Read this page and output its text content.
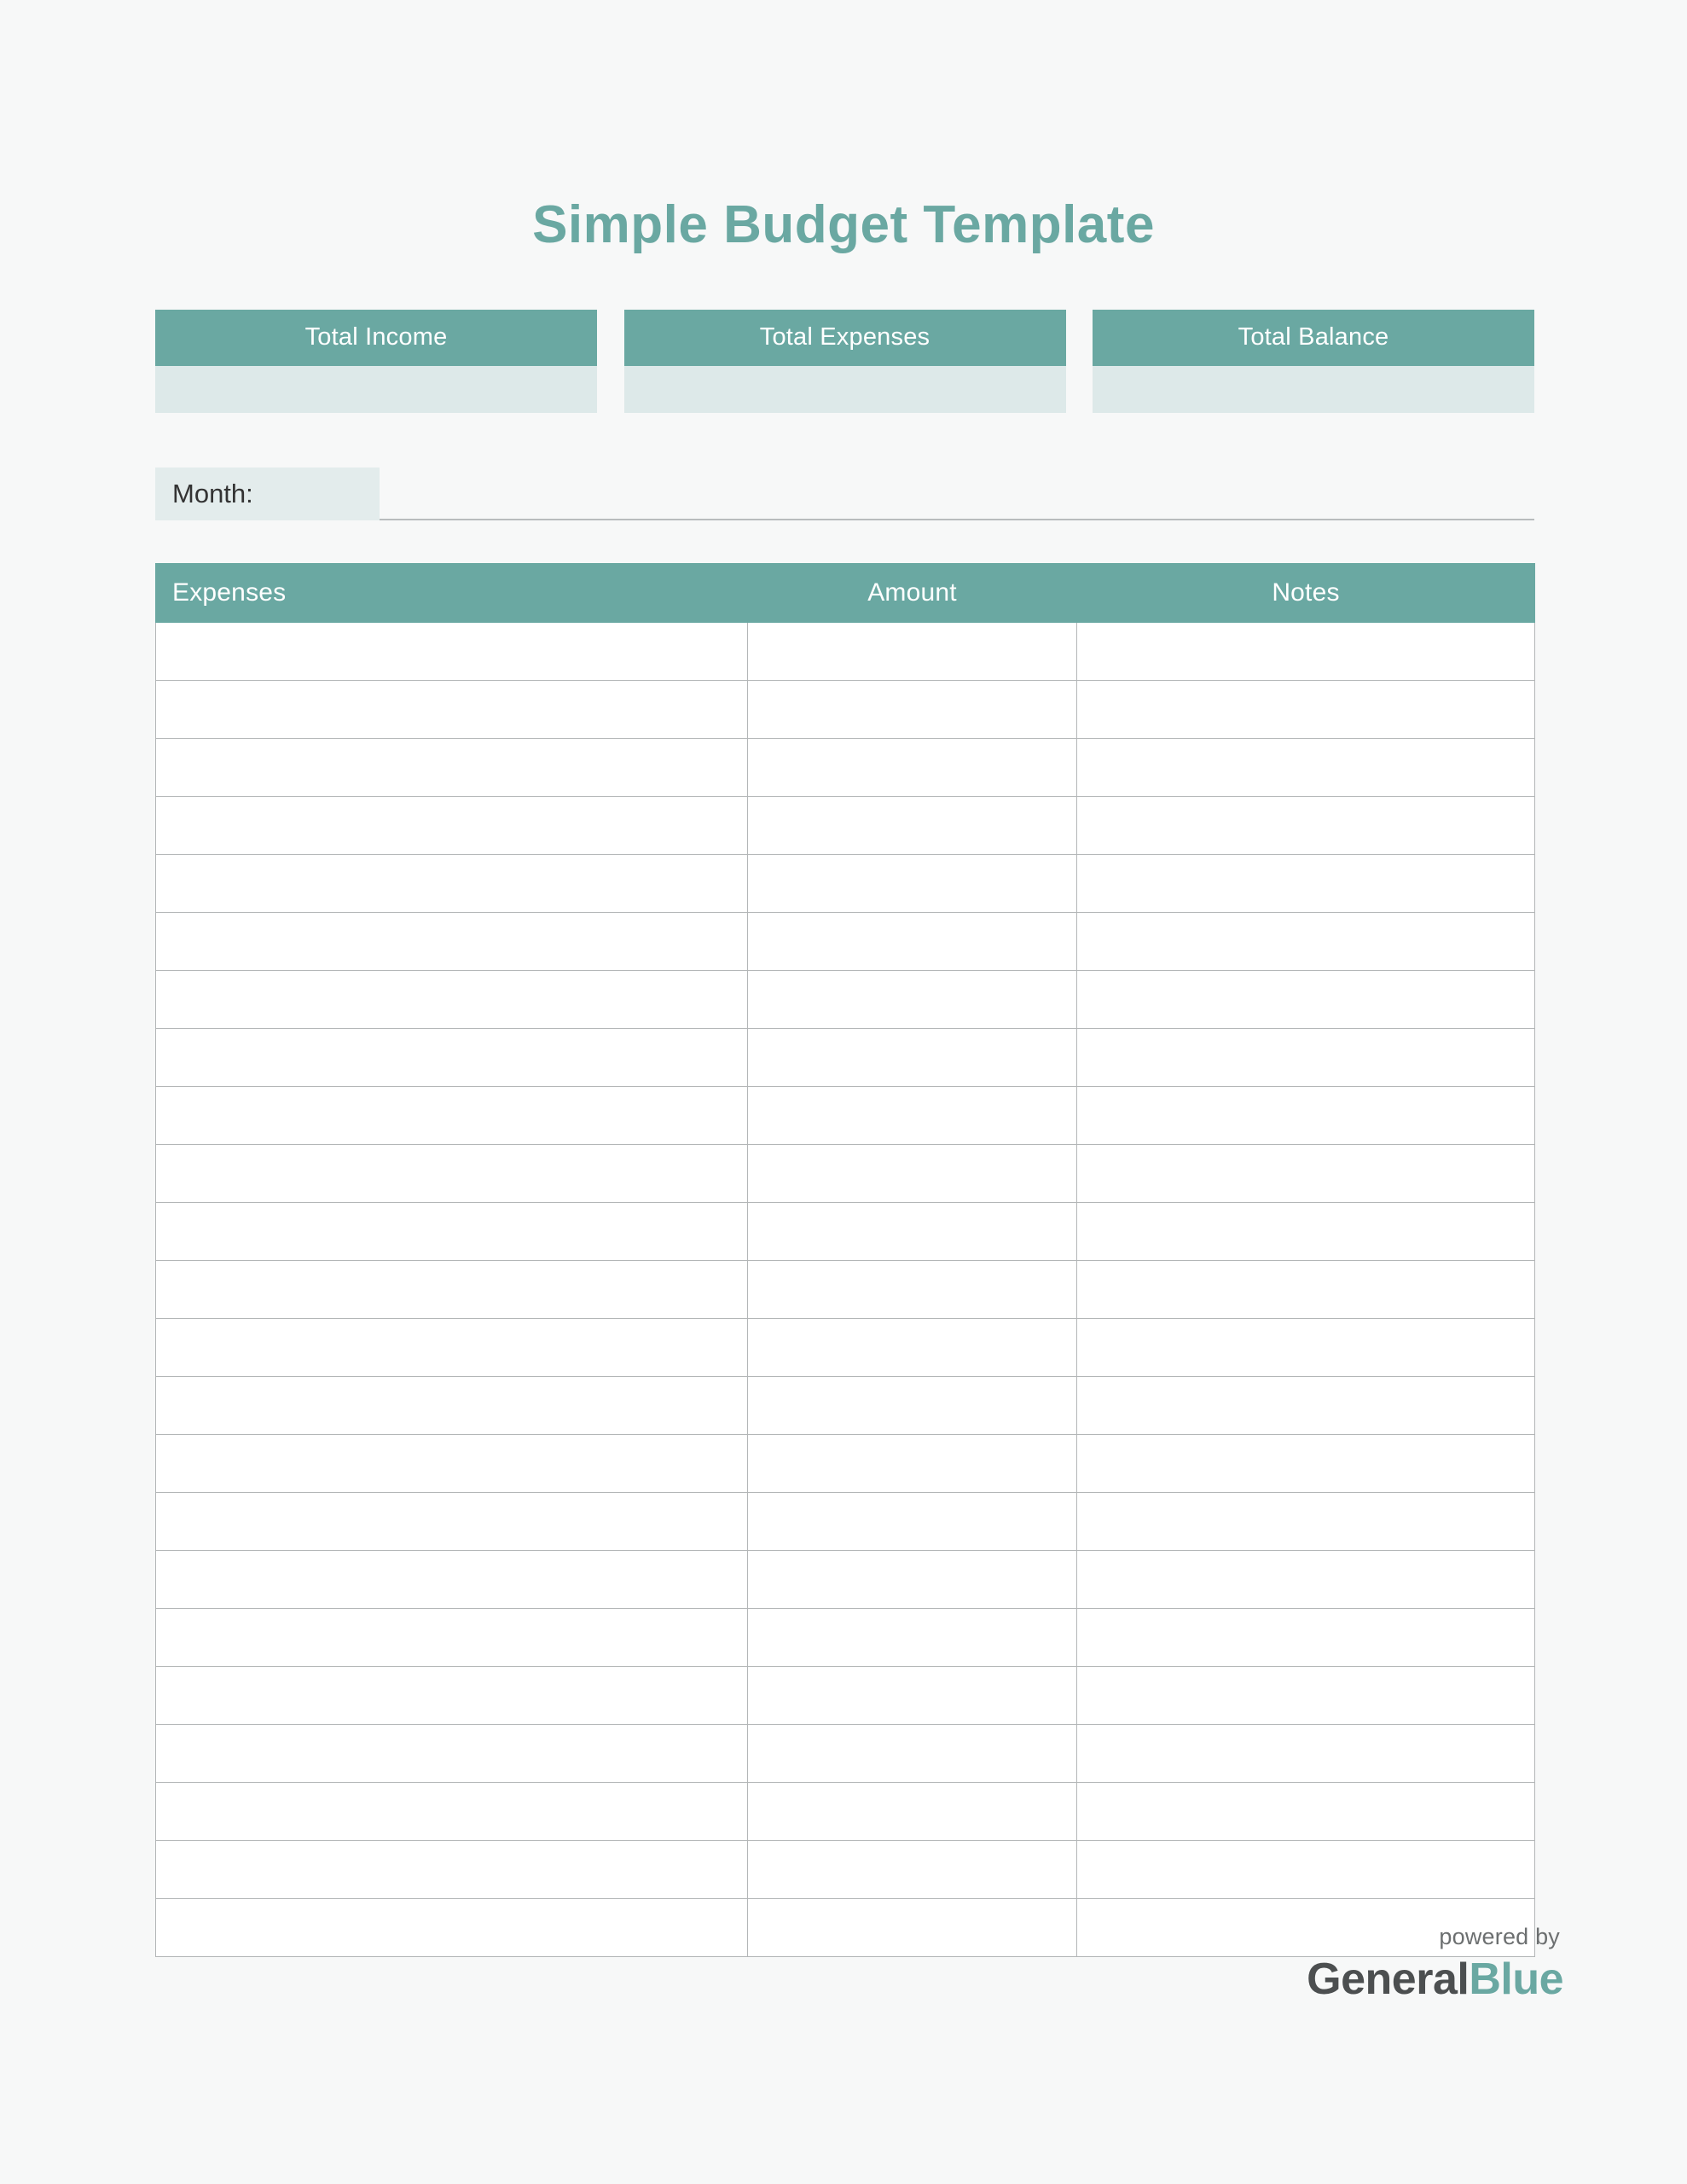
Simple Budget Template
Total Income	Total Expenses	Total Balance
Month:
Expenses	Amount	Notes

powered by
GeneralBlue
